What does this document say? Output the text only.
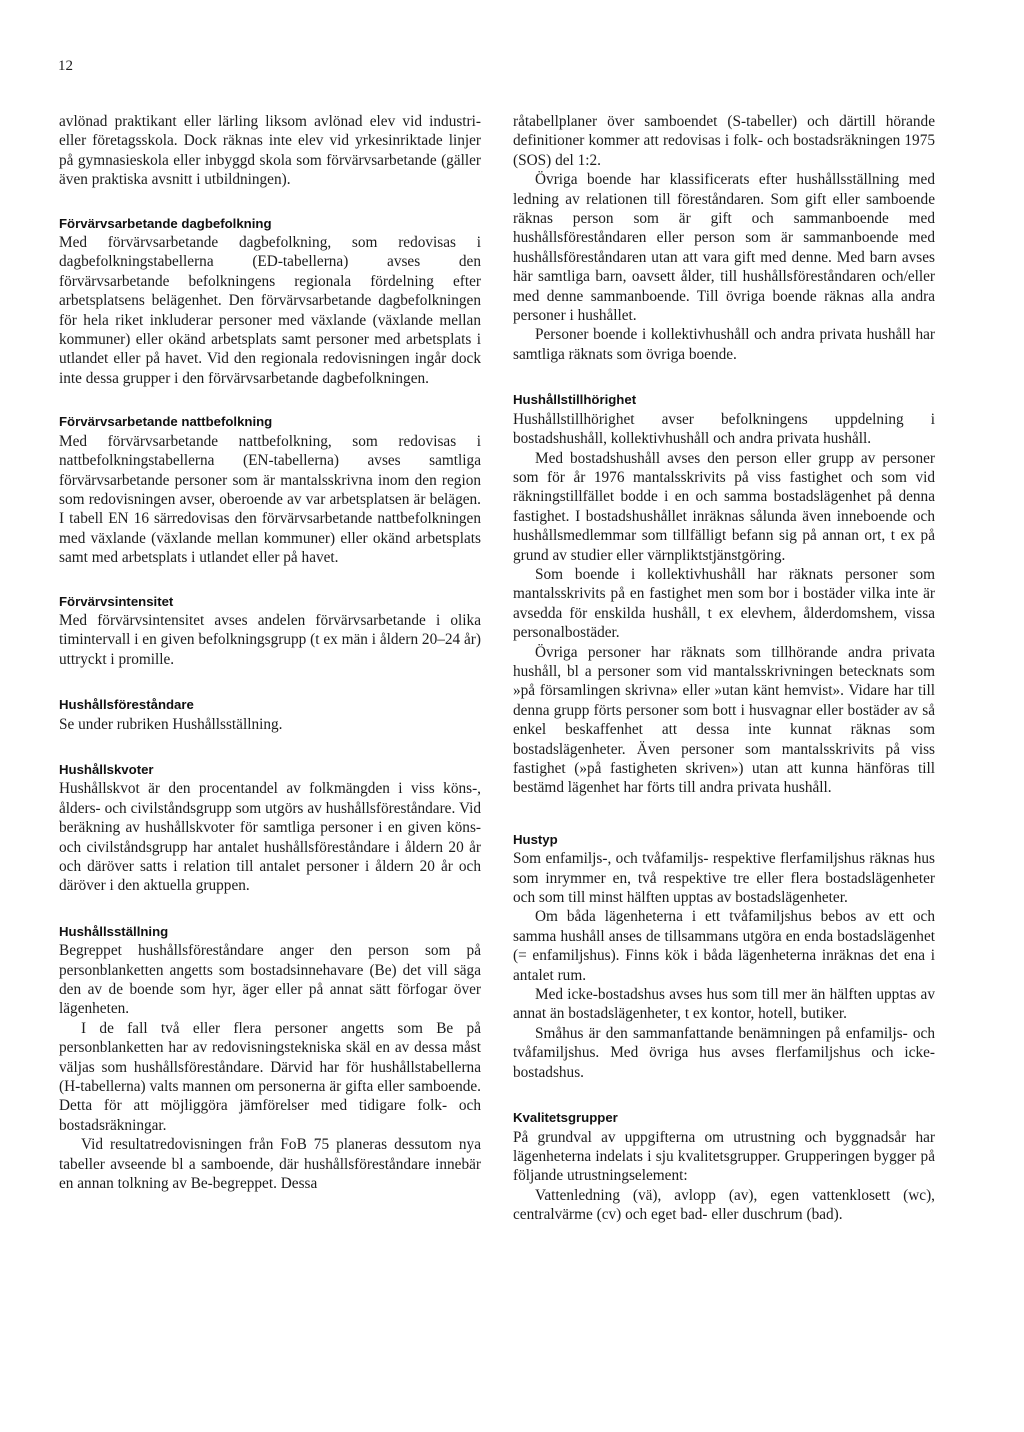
12

avlönad praktikant eller lärling liksom avlönad elev vid industri- eller företagsskola. Dock räknas inte elev vid yrkesinriktade linjer på gymnasieskola eller inbyggd skola som förvärvsarbetande (gäller även praktiska avsnitt i utbildningen).

Förvärvsarbetande dagbefolkning

Med förvärvsarbetande dagbefolkning, som redovisas i dagbefolkningstabellerna (ED-tabellerna) avses den förvärvsarbetande befolkningens regionala fördelning efter arbetsplatsens belägenhet. Den förvärvsarbetande dagbefolkningen för hela riket inkluderar personer med växlande (växlande mellan kommuner) eller okänd arbetsplats samt personer med arbetsplats i utlandet eller på havet. Vid den regionala redovisningen ingår dock inte dessa grupper i den förvärvsarbetande dagbefolkningen.

Förvärvsarbetande nattbefolkning

Med förvärvsarbetande nattbefolkning, som redovisas i nattbefolkningstabellerna (EN-tabellerna) avses samtliga förvärvsarbetande personer som är mantalsskrivna inom den region som redovisningen avser, oberoende av var arbetsplatsen är belägen. I tabell EN 16 särredovisas den förvärvsarbetande nattbefolkningen med växlande (växlande mellan kommuner) eller okänd arbetsplats samt med arbetsplats i utlandet eller på havet.

Förvärvsintensitet

Med förvärvsintensitet avses andelen förvärvsarbetande i olika timintervall i en given befolkningsgrupp (t ex män i åldern 20–24 år) uttryckt i promille.

Hushållsföreståndare

Se under rubriken Hushållsställning.

Hushållskvoter

Hushållskvot är den procentandel av folkmängden i viss köns-, ålders- och civilståndsgrupp som utgörs av hushållsföreståndare. Vid beräkning av hushållskvoter för samtliga personer i en given köns- och civilståndsgrupp har antalet hushållsföreståndare i åldern 20 år och däröver satts i relation till antalet personer i åldern 20 år och däröver i den aktuella gruppen.

Hushållsställning

Begreppet hushållsföreståndare anger den person som på personblanketten angetts som bostadsinnehavare (Be) det vill säga den av de boende som hyr, äger eller på annat sätt förfogar över lägenheten.

I de fall två eller flera personer angetts som Be på personblanketten har av redovisningstekniska skäl en av dessa måst väljas som hushållsföreståndare. Därvid har för hushållstabellerna (H-tabellerna) valts mannen om personerna är gifta eller samboende. Detta för att möjliggöra jämförelser med tidigare folk- och bostadsräkningar.

Vid resultatredovisningen från FoB 75 planeras dessutom nya tabeller avseende bl a samboende, där hushållsföreståndare innebär en annan tolkning av Be-begreppet. Dessa

råtabellplaner över samboendet (S-tabeller) och därtill hörande definitioner kommer att redovisas i folk- och bostadsräkningen 1975 (SOS) del 1:2.

Övriga boende har klassificerats efter hushållsställning med ledning av relationen till föreståndaren. Som gift eller samboende räknas person som är gift och sammanboende med hushållsföreståndaren eller person som är sammanboende med hushållsföreståndaren utan att vara gift med denne. Med barn avses här samtliga barn, oavsett ålder, till hushållsföreståndaren och/eller med denne sammanboende. Till övriga boende räknas alla andra personer i hushållet.

Personer boende i kollektivhushåll och andra privata hushåll har samtliga räknats som övriga boende.

Hushållstillhörighet

Hushållstillhörighet avser befolkningens uppdelning i bostadshushåll, kollektivhushåll och andra privata hushåll.

Med bostadshushåll avses den person eller grupp av personer som för år 1976 mantalsskrivits på viss fastighet och som vid räkningstillfället bodde i en och samma bostadslägenhet på denna fastighet. I bostadshushållet inräknas sålunda även inneboende och hushållsmedlemmar som tillfälligt befann sig på annan ort, t ex på grund av studier eller värnpliktstjänstgöring.

Som boende i kollektivhushåll har räknats personer som mantalsskrivits på en fastighet men som bor i bostäder vilka inte är avsedda för enskilda hushåll, t ex elevhem, ålderdomshem, vissa personalbostäder.

Övriga personer har räknats som tillhörande andra privata hushåll, bl a personer som vid mantalsskrivningen betecknats som »på församlingen skrivna» eller »utan känt hemvist». Vidare har till denna grupp förts personer som bott i husvagnar eller bostäder av så enkel beskaffenhet att dessa inte kunnat räknas som bostadslägenheter. Även personer som mantalsskrivits på viss fastighet (»på fastigheten skriven») utan att kunna hänföras till bestämd lägenhet har förts till andra privata hushåll.

Hustyp

Som enfamiljs-, och tvåfamiljs- respektive flerfamiljshus räknas hus som inrymmer en, två respektive tre eller flera bostadslägenheter och som till minst hälften upptas av bostadslägenheter.

Om båda lägenheterna i ett tvåfamiljshus bebos av ett och samma hushåll anses de tillsammans utgöra en enda bostadslägenhet (= enfamiljshus). Finns kök i båda lägenheterna inräknas det ena i antalet rum.

Med icke-bostadshus avses hus som till mer än hälften upptas av annat än bostadslägenheter, t ex kontor, hotell, butiker.

Småhus är den sammanfattande benämningen på enfamiljs- och tvåfamiljshus. Med övriga hus avses flerfamiljshus och icke-bostadshus.

Kvalitetsgrupper

På grundval av uppgifterna om utrustning och byggnadsår har lägenheterna indelats i sju kvalitetsgrupper. Grupperingen bygger på följande utrustningselement:

Vattenledning (vä), avlopp (av), egen vattenklosett (wc), centralvärme (cv) och eget bad- eller duschrum (bad).
